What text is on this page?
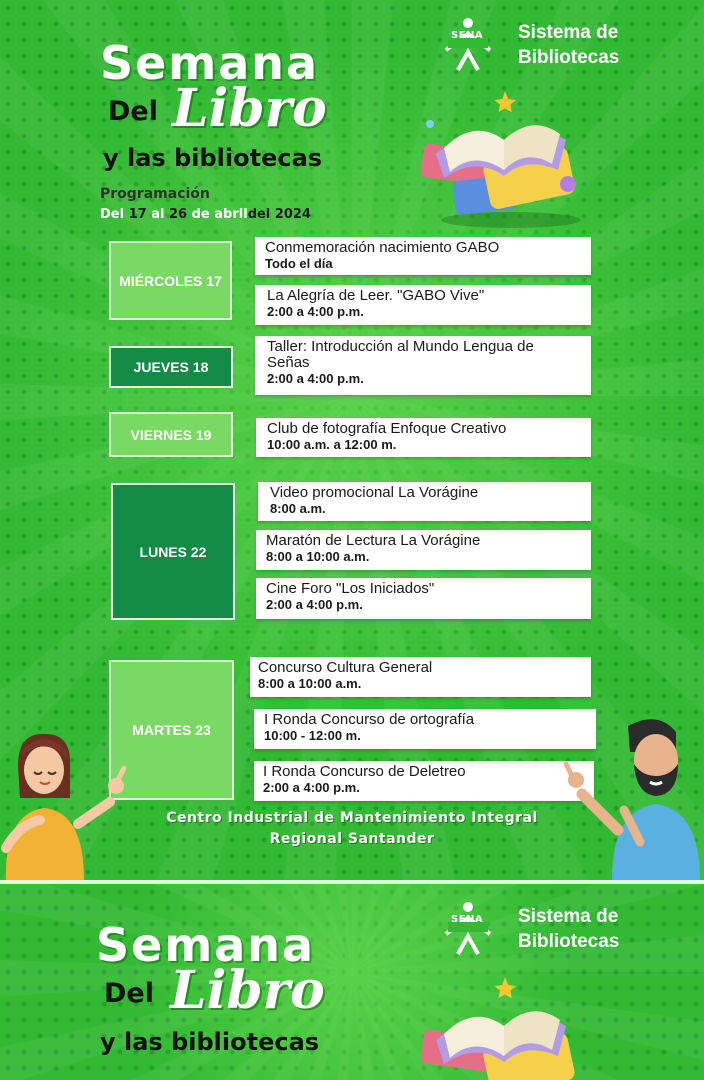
Semana
Del Libro
y las bibliotecas
SENA Sistema de
Bibliotecas
Programación
Del 17 al 26 de abrildel 2024
MIÉRCOLES 17
Conmemoración nacimiento GABO
Todo el día
La Alegría de Leer. "GABO Vive"
2:00 a 4:00 p.m.
JUEVES 18
Taller: Introducción al Mundo Lengua de Señas
2:00 a 4:00 p.m.
VIERNES 19	Club de fotografía Enfoque Creativo
10:00 a.m. a 12:00 m.
LUNES 22
Video promocional La Vorágine
8:00 a.m.
Maratón de Lectura La Vorágine
8:00 a 10:00 a.m.
Cine Foro "Los Iniciados"
2:00 a 4:00 p.m.
MARTES 23
Concurso Cultura General
8:00 a 10:00 a.m.
I Ronda Concurso de ortografía
10:00 - 12:00 m.
I Ronda Concurso de Deletreo
2:00 a 4:00 p.m.
Centro Industrial de Mantenimiento Integral
Regional Santander
Semana
Del Libro
y las bibliotecas
SENA Sistema de
Bibliotecas
